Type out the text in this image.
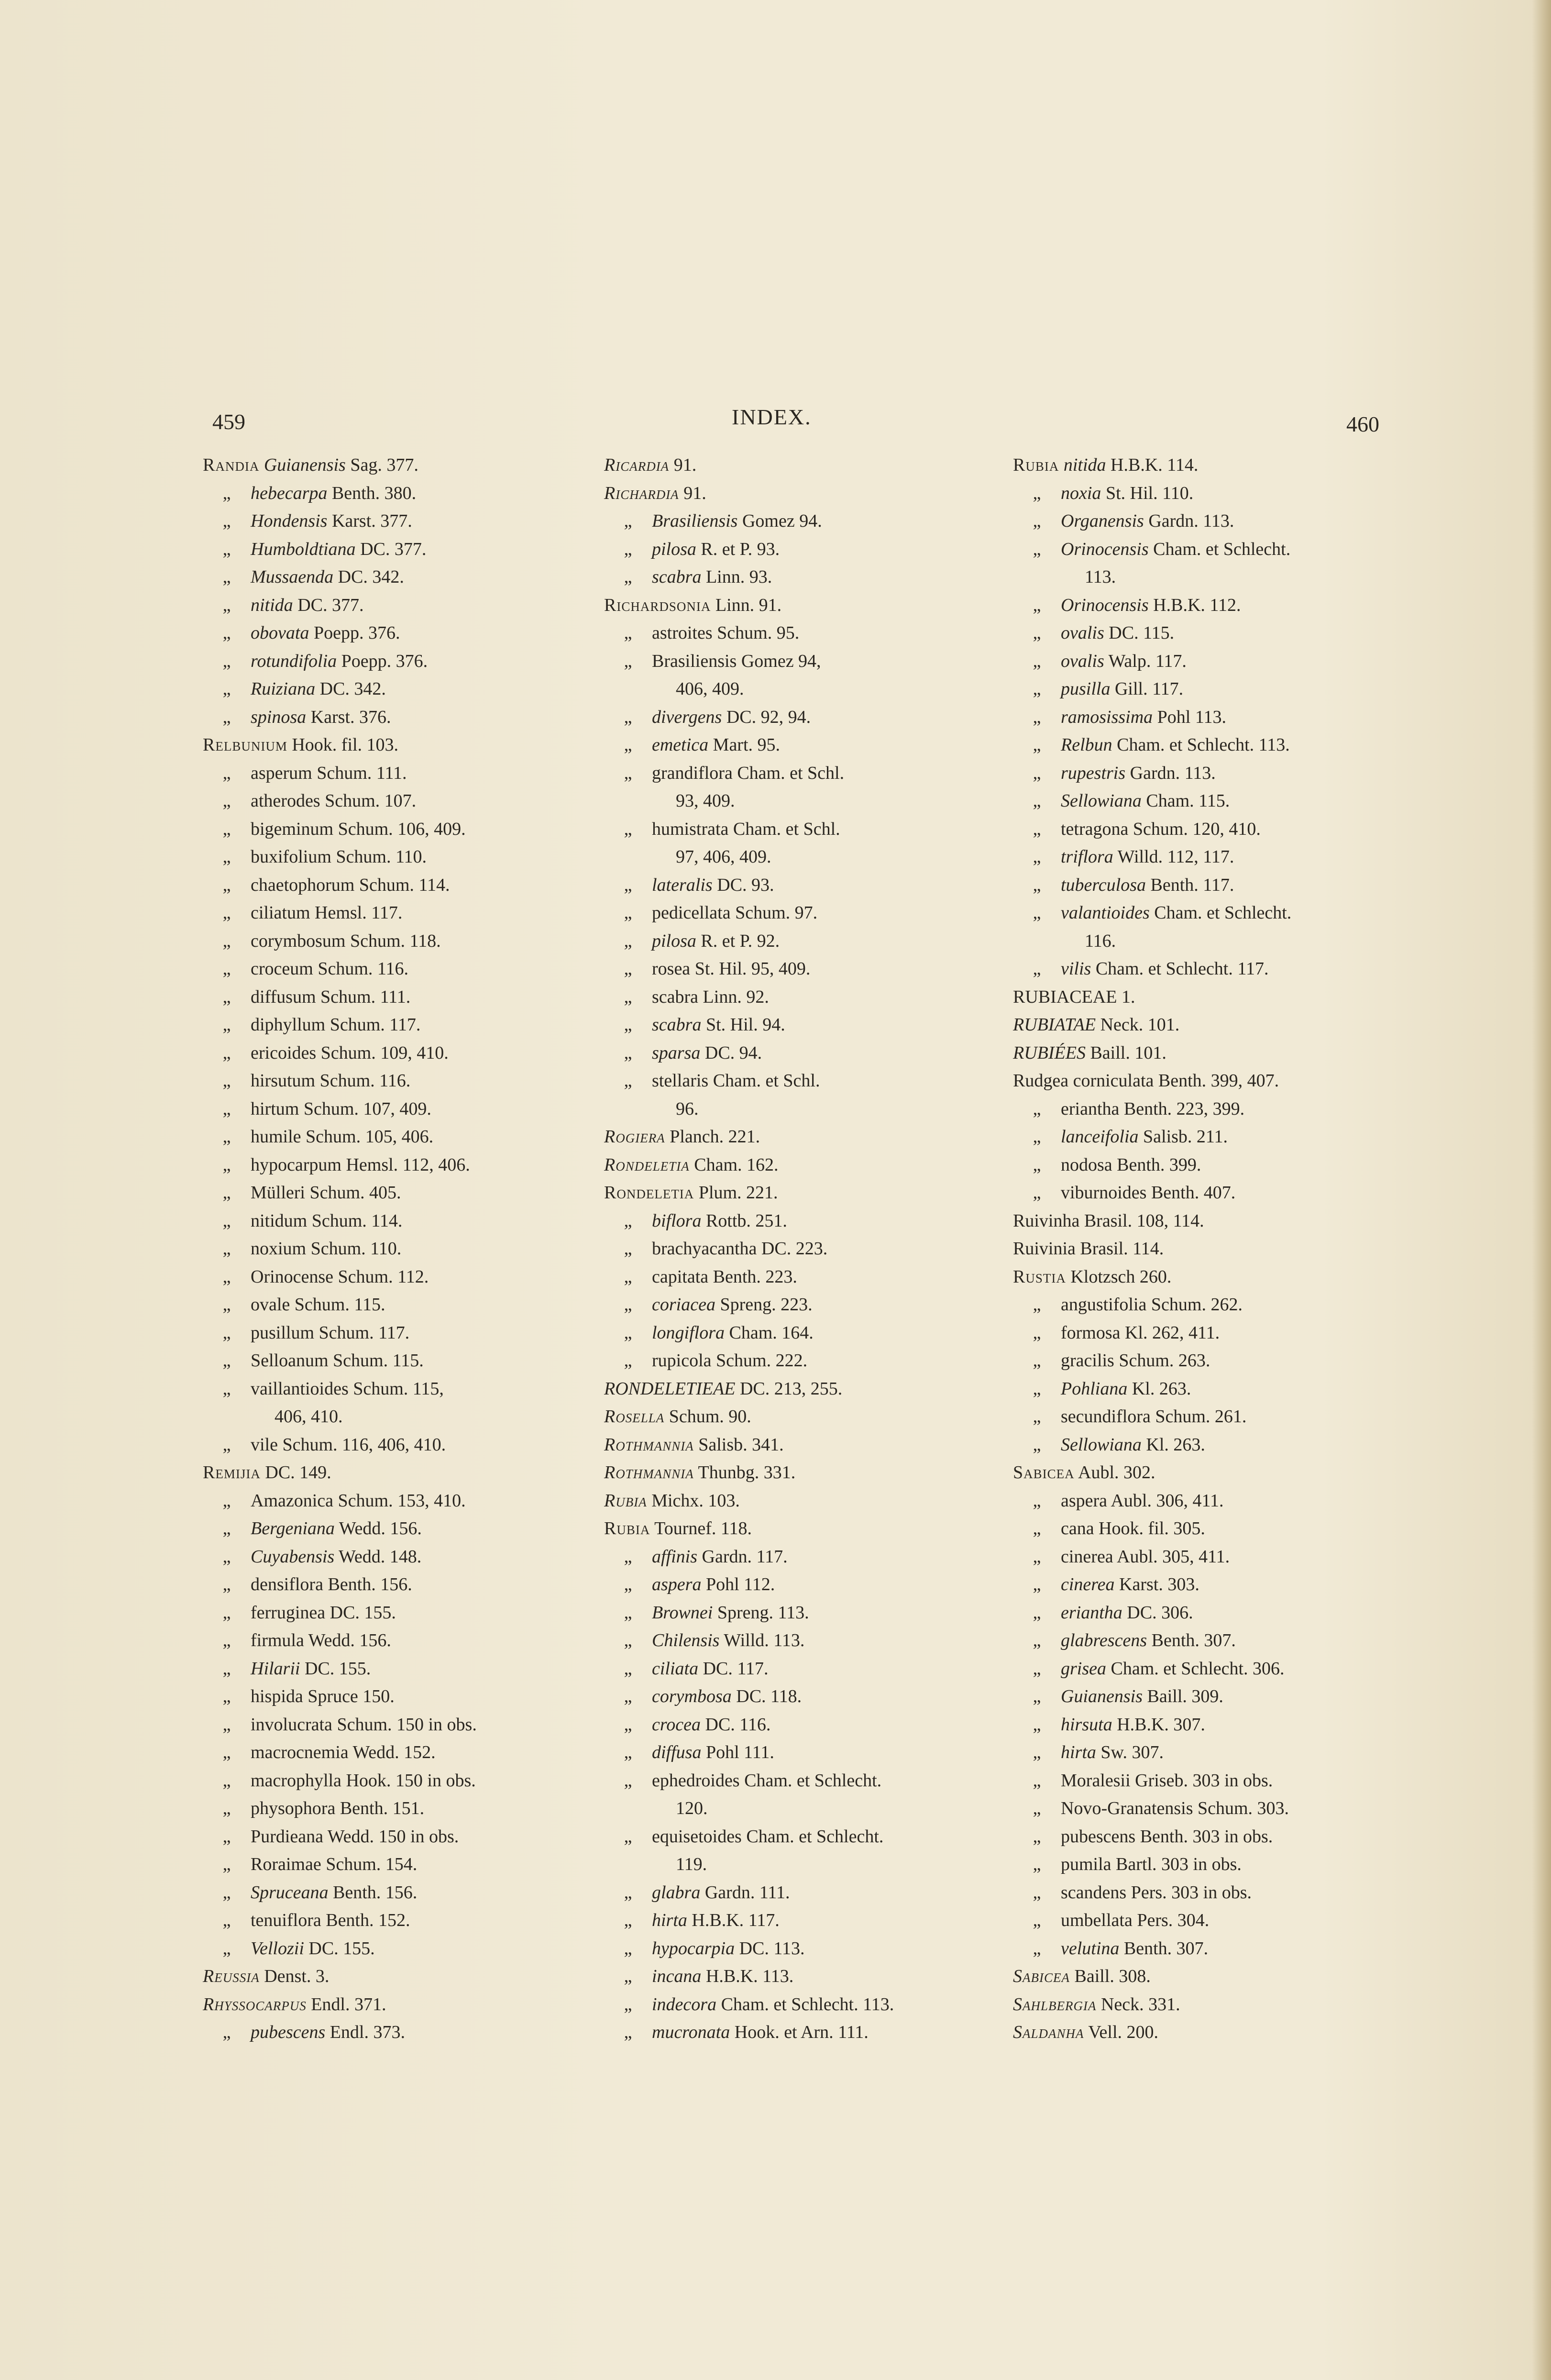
459	INDEX.	460
Randia Guianensis Sag. 377.
„ hebecarpa Benth. 380.
„ Hondensis Karst. 377.
„ Humboldtiana DC. 377.
„ Mussaenda DC. 342.
„ nitida DC. 377.
„ obovata Poepp. 376.
„ rotundifolia Poepp. 376.
„ Ruiziana DC. 342.
„ spinosa Karst. 376.
Relbunium Hook. fil. 103.
„ asperum Schum. 111.
„ atherodes Schum. 107.
„ bigeminum Schum. 106, 409.
„ buxifolium Schum. 110.
„ chaetophorum Schum. 114.
„ ciliatum Hemsl. 117.
„ corymbosum Schum. 118.
„ croceum Schum. 116.
„ diffusum Schum. 111.
„ diphyllum Schum. 117.
„ ericoides Schum. 109, 410.
„ hirsutum Schum. 116.
„ hirtum Schum. 107, 409.
„ humile Schum. 105, 406.
„ hypocarpum Hemsl. 112, 406.
„ Mülleri Schum. 405.
„ nitidum Schum. 114.
„ noxium Schum. 110.
„ Orinocense Schum. 112.
„ ovale Schum. 115.
„ pusillum Schum. 117.
„ Selloanum Schum. 115.
„ vaillantioides Schum. 115,
406, 410.
„ vile Schum. 116, 406, 410.
Remijia DC. 149.
„ Amazonica Schum. 153, 410.
„ Bergeniana Wedd. 156.
„ Cuyabensis Wedd. 148.
„ densiflora Benth. 156.
„ ferruginea DC. 155.
„ firmula Wedd. 156.
„ Hilarii DC. 155.
„ hispida Spruce 150.
„ involucrata Schum. 150 in obs.
„ macrocnemia Wedd. 152.
„ macrophylla Hook. 150 in obs.
„ physophora Benth. 151.
„ Purdieana Wedd. 150 in obs.
„ Roraimae Schum. 154.
„ Spruceana Benth. 156.
„ tenuiflora Benth. 152.
„ Vellozii DC. 155.
Reussia Denst. 3.
Rhyssocarpus Endl. 371.
„ pubescens Endl. 373.
Ricardia 91.
Richardia 91.
„ Brasiliensis Gomez 94.
„ pilosa R. et P. 93.
„ scabra Linn. 93.
Richardsonia Linn. 91.
„ astroites Schum. 95.
„ Brasiliensis Gomez 94,
406, 409.
„ divergens DC. 92, 94.
„ emetica Mart. 95.
„ grandiflora Cham. et Schl.
93, 409.
„ humistrata Cham. et Schl.
97, 406, 409.
„ lateralis DC. 93.
„ pedicellata Schum. 97.
„ pilosa R. et P. 92.
„ rosea St. Hil. 95, 409.
„ scabra Linn. 92.
„ scabra St. Hil. 94.
„ sparsa DC. 94.
„ stellaris Cham. et Schl.
96.
Rogiera Planch. 221.
Rondeletia Cham. 162.
Rondeletia Plum. 221.
„ biflora Rottb. 251.
„ brachyacantha DC. 223.
„ capitata Benth. 223.
„ coriacea Spreng. 223.
„ longiflora Cham. 164.
„ rupicola Schum. 222.
RONDELETIEAE DC. 213, 255.
Rosella Schum. 90.
Rothmannia Salisb. 341.
Rothmannia Thunbg. 331.
Rubia Michx. 103.
Rubia Tournef. 118.
„ affinis Gardn. 117.
„ aspera Pohl 112.
„ Brownei Spreng. 113.
„ Chilensis Willd. 113.
„ ciliata DC. 117.
„ corymbosa DC. 118.
„ crocea DC. 116.
„ diffusa Pohl 111.
„ ephedroides Cham. et Schlecht.
120.
„ equisetoides Cham. et Schlecht.
119.
„ glabra Gardn. 111.
„ hirta H.B.K. 117.
„ hypocarpia DC. 113.
„ incana H.B.K. 113.
„ indecora Cham. et Schlecht. 113.
„ mucronata Hook. et Arn. 111.
Rubia nitida H.B.K. 114.
„ noxia St. Hil. 110.
„ Organensis Gardn. 113.
„ Orinocensis Cham. et Schlecht.
113.
„ Orinocensis H.B.K. 112.
„ ovalis DC. 115.
„ ovalis Walp. 117.
„ pusilla Gill. 117.
„ ramosissima Pohl 113.
„ Relbun Cham. et Schlecht. 113.
„ rupestris Gardn. 113.
„ Sellowiana Cham. 115.
„ tetragona Schum. 120, 410.
„ triflora Willd. 112, 117.
„ tuberculosa Benth. 117.
„ valantioides Cham. et Schlecht.
116.
„ vilis Cham. et Schlecht. 117.
RUBIACEAE 1.
RUBIATAE Neck. 101.
RUBIÉES Baill. 101.
Rudgea corniculata Benth. 399, 407.
„ eriantha Benth. 223, 399.
„ lanceifolia Salisb. 211.
„ nodosa Benth. 399.
„ viburnoides Benth. 407.
Ruivinha Brasil. 108, 114.
Ruivinia Brasil. 114.
Rustia Klotzsch 260.
„ angustifolia Schum. 262.
„ formosa Kl. 262, 411.
„ gracilis Schum. 263.
„ Pohliana Kl. 263.
„ secundiflora Schum. 261.
„ Sellowiana Kl. 263.
Sabicea Aubl. 302.
„ aspera Aubl. 306, 411.
„ cana Hook. fil. 305.
„ cinerea Aubl. 305, 411.
„ cinerea Karst. 303.
„ eriantha DC. 306.
„ glabrescens Benth. 307.
„ grisea Cham. et Schlecht. 306.
„ Guianensis Baill. 309.
„ hirsuta H.B.K. 307.
„ hirta Sw. 307.
„ Moralesii Griseb. 303 in obs.
„ Novo-Granatensis Schum. 303.
„ pubescens Benth. 303 in obs.
„ pumila Bartl. 303 in obs.
„ scandens Pers. 303 in obs.
„ umbellata Pers. 304.
„ velutina Benth. 307.
Sabicea Baill. 308.
Sahlbergia Neck. 331.
Saldanha Vell. 200.
